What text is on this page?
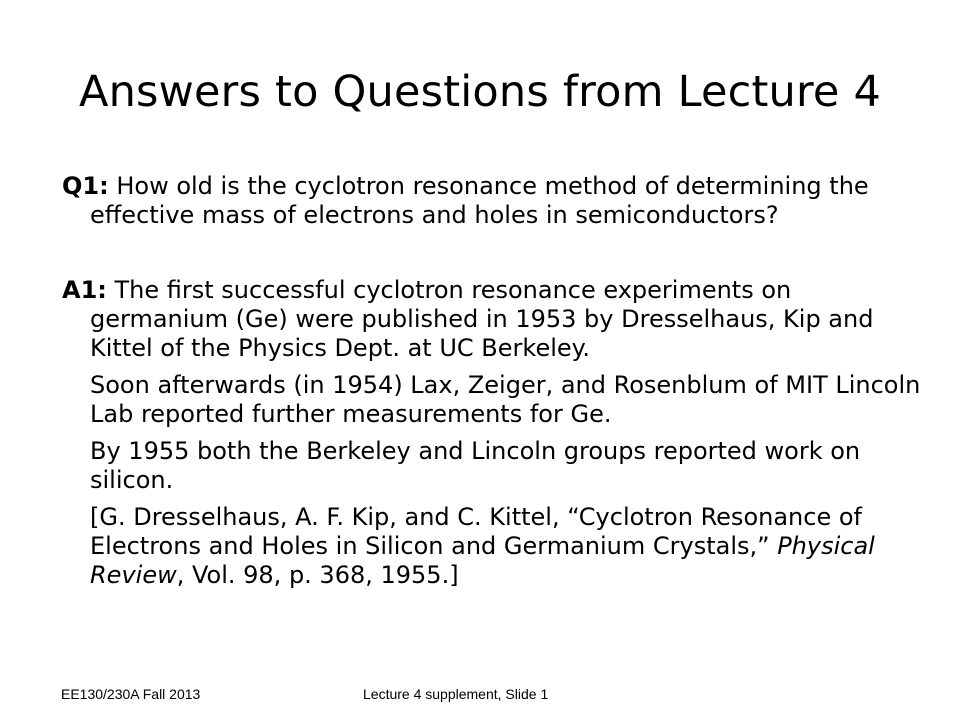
Answers to Questions from Lecture 4

Q1: How old is the cyclotron resonance method of determining the effective mass of electrons and holes in semiconductors?

A1: The first successful cyclotron resonance experiments on germanium (Ge) were published in 1953 by Dresselhaus, Kip and Kittel of the Physics Dept. at UC Berkeley.

Soon afterwards (in 1954) Lax, Zeiger, and Rosenblum of MIT Lincoln Lab reported further measurements for Ge.

By 1955 both the Berkeley and Lincoln groups reported work on silicon.

[G. Dresselhaus, A. F. Kip, and C. Kittel, “Cyclotron Resonance of Electrons and Holes in Silicon and Germanium Crystals,” Physical Review, Vol. 98, p. 368, 1955.]

EE130/230A Fall 2013	Lecture 4 supplement, Slide 1
